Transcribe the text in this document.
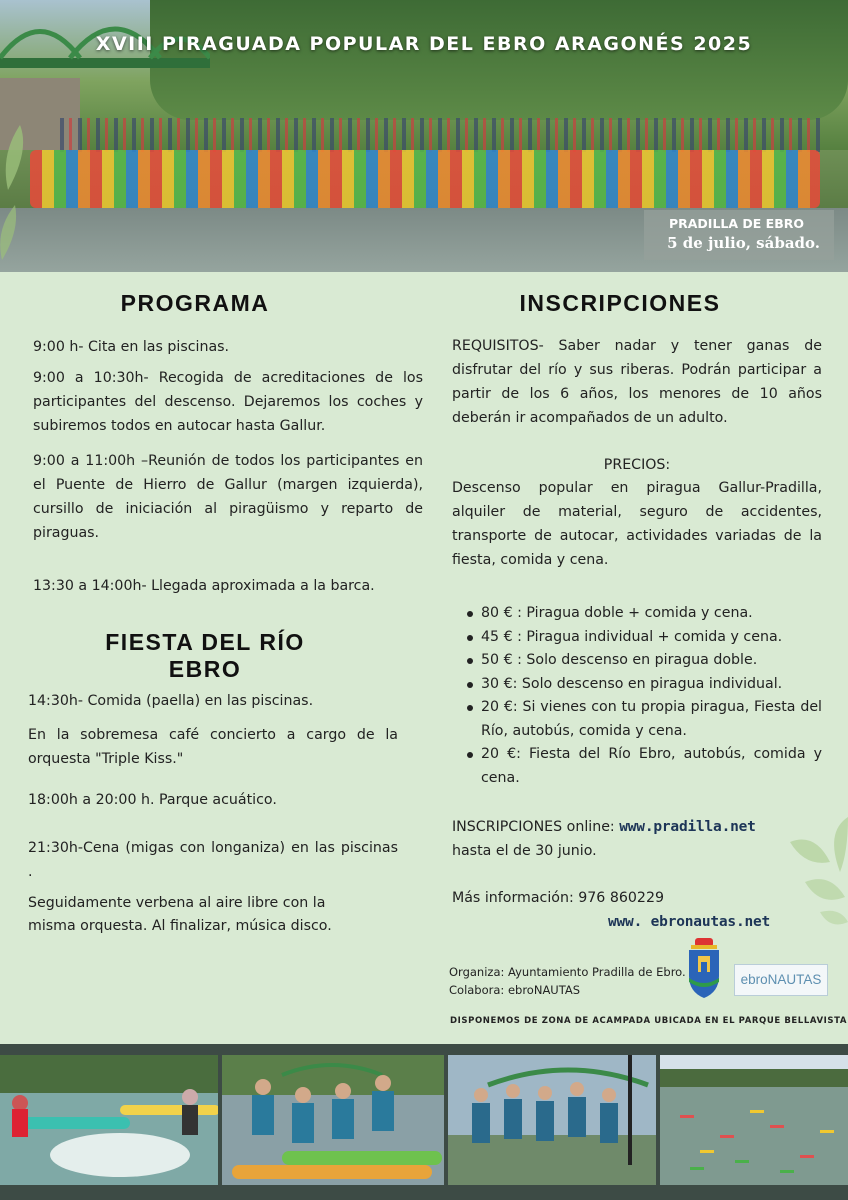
XVIII PIRAGUADA POPULAR DEL EBRO ARAGONÉS 2025
PRADILLA DE EBRO
5 de julio, sábado.
PROGRAMA
9:00 h- Cita en las piscinas.
9:00 a 10:30h- Recogida de acreditaciones de los participantes del descenso. Dejaremos los coches y subiremos todos en autocar hasta Gallur.
9:00 a 11:00h –Reunión de todos los participantes en el Puente de Hierro de Gallur (margen izquierda), cursillo de iniciación al piragüismo y reparto de piraguas.
13:30 a 14:00h- Llegada aproximada a la barca.
FIESTA DEL RÍO EBRO
14:30h- Comida (paella) en las piscinas.
En la sobremesa café concierto a cargo de la orquesta "Triple Kiss."
18:00h a 20:00 h. Parque acuático.
21:30h-Cena (migas con longaniza) en las piscinas .
Seguidamente verbena al aire libre con la
misma orquesta. Al finalizar, música disco.
INSCRIPCIONES
REQUISITOS- Saber nadar y tener ganas de disfrutar del río y sus riberas. Podrán participar a partir de los 6 años, los menores de 10 años deberán ir acompañados de un adulto.
PRECIOS:
Descenso popular en piragua Gallur-Pradilla, alquiler de material, seguro de accidentes, transporte de autocar, actividades variadas de la fiesta, comida y cena.
80 € : Piragua doble + comida y cena.
45 € : Piragua individual + comida y cena.
50 € : Solo descenso en piragua doble.
30 €: Solo descenso en piragua individual.
20 €: Si vienes con tu propia piragua, Fiesta del Río, autobús, comida y cena.
20 €: Fiesta del Río Ebro, autobús, comida y cena.
INSCRIPCIONES online: www.pradilla.net
hasta el de 30 junio.
Más información: 976 860229
www. ebronautas.net
Organiza: Ayuntamiento Pradilla de Ebro.
Colabora: ebroNAUTAS
ebroNAUTAS
DISPONEMOS DE ZONA DE ACAMPADA UBICADA EN EL PARQUE BELLAVISTA
